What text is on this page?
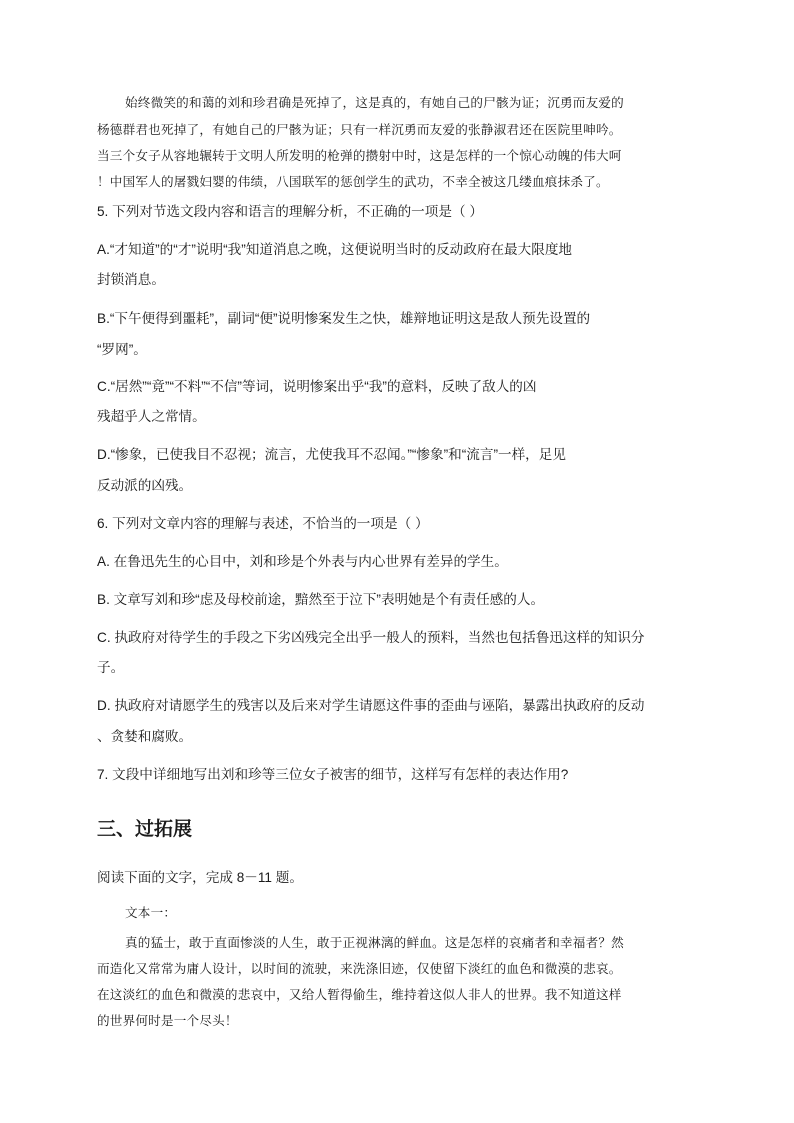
始终微笑的和蔼的刘和珍君确是死掉了，这是真的，有她自己的尸骸为证；沉勇而友爱的

杨德群君也死掉了，有她自己的尸骸为证；只有一样沉勇而友爱的张静淑君还在医院里呻吟。

当三个女子从容地辗转于文明人所发明的枪弹的攒射中时，这是怎样的一个惊心动魄的伟大呵

！中国军人的屠戮妇婴的伟绩，八国联军的惩创学生的武功，不幸全被这几缕血痕抹杀了。

5. 下列对节选文段内容和语言的理解分析，不正确的一项是（ ）

A.“才知道”的“才”说明“我”知道消息之晚，这便说明当时的反动政府在最大限度地

封锁消息。

B.“下午便得到噩耗”，副词“便”说明惨案发生之快，雄辩地证明这是敌人预先设置的

“罗网”。

C.“居然”“竟”“不料”“不信”等词，说明惨案出乎“我”的意料，反映了敌人的凶

残超乎人之常情。

D.“惨象，已使我目不忍视；流言，尤使我耳不忍闻。”“惨象”和“流言”一样，足见

反动派的凶残。

6. 下列对文章内容的理解与表述，不恰当的一项是（ ）

A. 在鲁迅先生的心目中，刘和珍是个外表与内心世界有差异的学生。

B. 文章写刘和珍“虑及母校前途，黯然至于泣下”表明她是个有责任感的人。

C. 执政府对待学生的手段之下劣凶残完全出乎一般人的预料，当然也包括鲁迅这样的知识分

子。

D. 执政府对请愿学生的残害以及后来对学生请愿这件事的歪曲与诬陷，暴露出执政府的反动

、贪婪和腐败。

7. 文段中详细地写出刘和珍等三位女子被害的细节，这样写有怎样的表达作用?

三、过拓展

阅读下面的文字，完成 8－11 题。

文本一：

真的猛士，敢于直面惨淡的人生，敢于正视淋漓的鲜血。这是怎样的哀痛者和幸福者？然

而造化又常常为庸人设计，以时间的流驶，来洗涤旧迹，仅使留下淡红的血色和微漠的悲哀。

在这淡红的血色和微漠的悲哀中，又给人暂得偷生，维持着这似人非人的世界。我不知道这样

的世界何时是一个尽头！
